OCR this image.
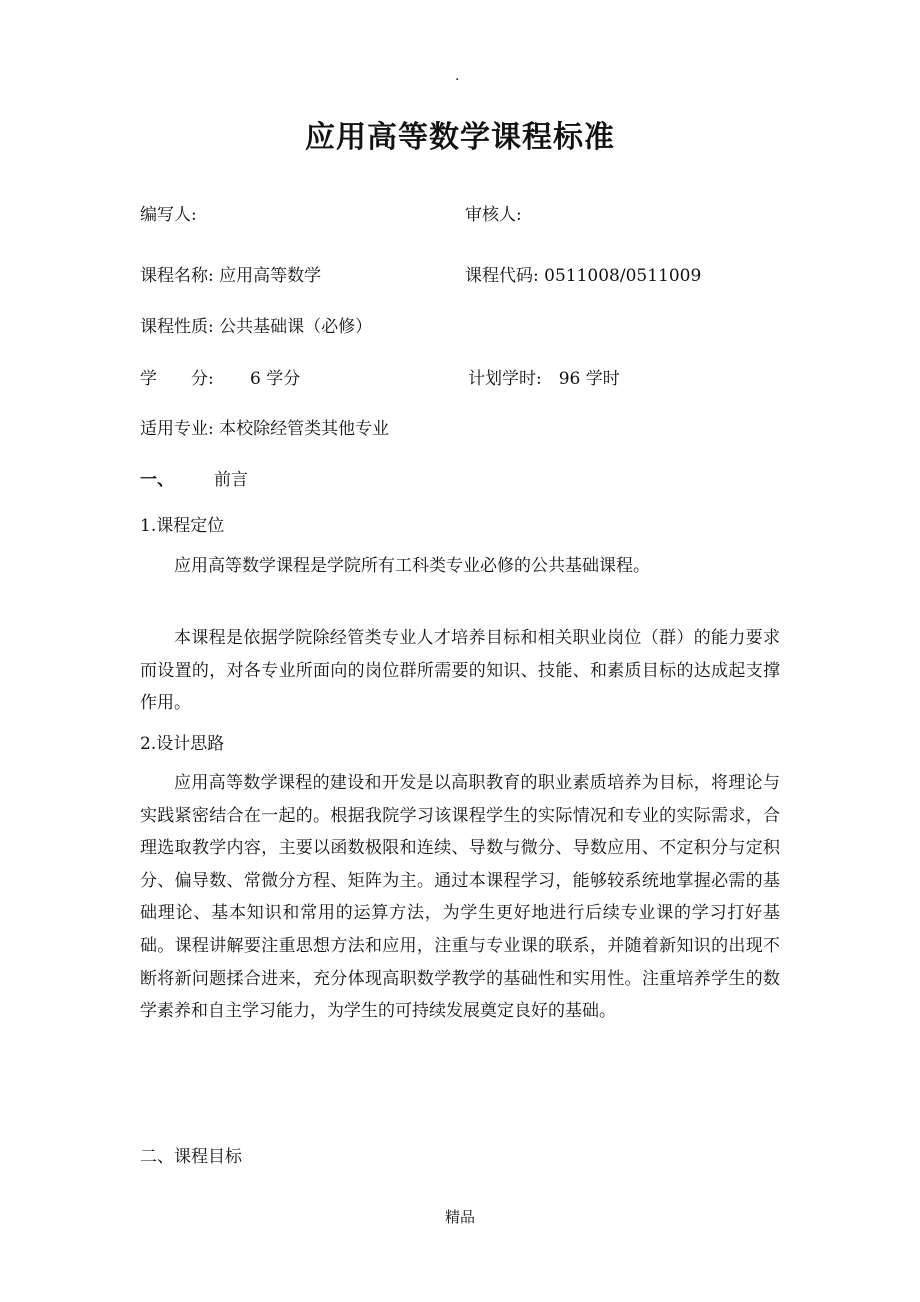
.
应用高等数学课程标准
编写人:	审核人:
课程名称: 应用高等数学	课程代码: 0511008/0511009
课程性质: 公共基础课（必修）
学　　分: 6 学分	计划学时:　96 学时
适用专业: 本校除经管类其他专业
一、 前言
1.课程定位
应用高等数学课程是学院所有工科类专业必修的公共基础课程。
本课程是依据学院除经管类专业人才培养目标和相关职业岗位（群）的能力要求而设置的，对各专业所面向的岗位群所需要的知识、技能、和素质目标的达成起支撑作用。
2.设计思路
应用高等数学课程的建设和开发是以高职教育的职业素质培养为目标，将理论与实践紧密结合在一起的。根据我院学习该课程学生的实际情况和专业的实际需求，合理选取教学内容，主要以函数极限和连续、导数与微分、导数应用、不定积分与定积分、偏导数、常微分方程、矩阵为主。通过本课程学习，能够较系统地掌握必需的基础理论、基本知识和常用的运算方法，为学生更好地进行后续专业课的学习打好基础。课程讲解要注重思想方法和应用，注重与专业课的联系，并随着新知识的出现不断将新问题揉合进来，充分体现高职数学教学的基础性和实用性。注重培养学生的数学素养和自主学习能力，为学生的可持续发展奠定良好的基础。
二、课程目标
精品
